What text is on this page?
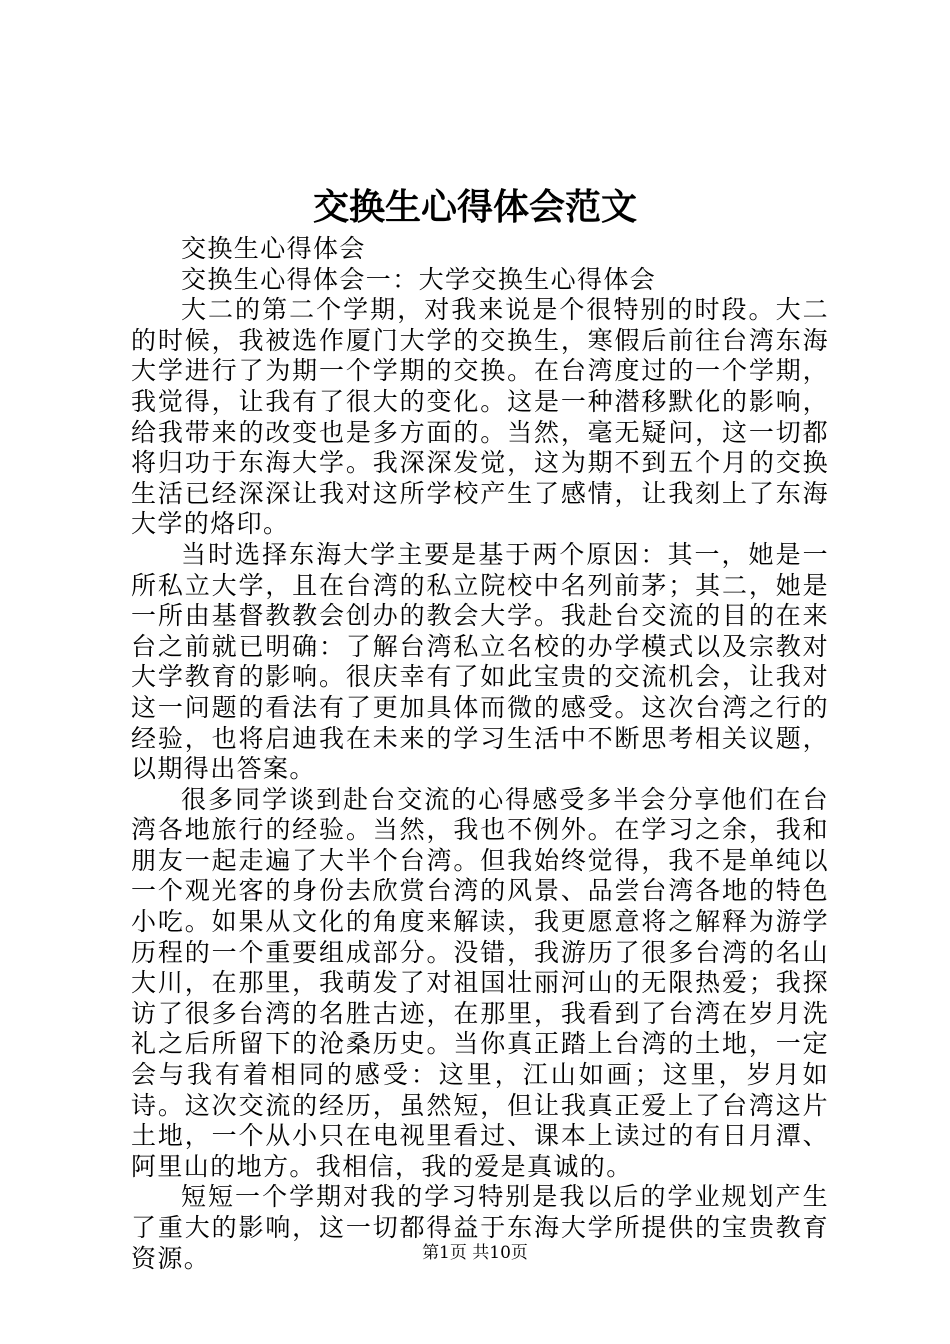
交换生心得体会范文

交换生心得体会

交换生心得体会一：大学交换生心得体会

大二的第二个学期，对我来说是个很特别的时段。大二的时候，我被选作厦门大学的交换生，寒假后前往台湾东海大学进行了为期一个学期的交换。在台湾度过的一个学期，我觉得，让我有了很大的变化。这是一种潜移默化的影响，给我带来的改变也是多方面的。当然，毫无疑问，这一切都将归功于东海大学。我深深发觉，这为期不到五个月的交换生活已经深深让我对这所学校产生了感情，让我刻上了东海大学的烙印。

当时选择东海大学主要是基于两个原因：其一，她是一所私立大学，且在台湾的私立院校中名列前茅；其二，她是一所由基督教教会创办的教会大学。我赴台交流的目的在来台之前就已明确：了解台湾私立名校的办学模式以及宗教对大学教育的影响。很庆幸有了如此宝贵的交流机会，让我对这一问题的看法有了更加具体而微的感受。这次台湾之行的经验，也将启迪我在未来的学习生活中不断思考相关议题，以期得出答案。

很多同学谈到赴台交流的心得感受多半会分享他们在台湾各地旅行的经验。当然，我也不例外。在学习之余，我和朋友一起走遍了大半个台湾。但我始终觉得，我不是单纯以一个观光客的身份去欣赏台湾的风景、品尝台湾各地的特色小吃。如果从文化的角度来解读，我更愿意将之解释为游学历程的一个重要组成部分。没错，我游历了很多台湾的名山大川，在那里，我萌发了对祖国壮丽河山的无限热爱；我探访了很多台湾的名胜古迹，在那里，我看到了台湾在岁月洗礼之后所留下的沧桑历史。当你真正踏上台湾的土地，一定会与我有着相同的感受：这里，江山如画；这里，岁月如诗。这次交流的经历，虽然短，但让我真正爱上了台湾这片土地，一个从小只在电视里看过、课本上读过的有日月潭、阿里山的地方。我相信，我的爱是真诚的。

短短一个学期对我的学习特别是我以后的学业规划产生了重大的影响，这一切都得益于东海大学所提供的宝贵教育资源。	第1页 共10页
